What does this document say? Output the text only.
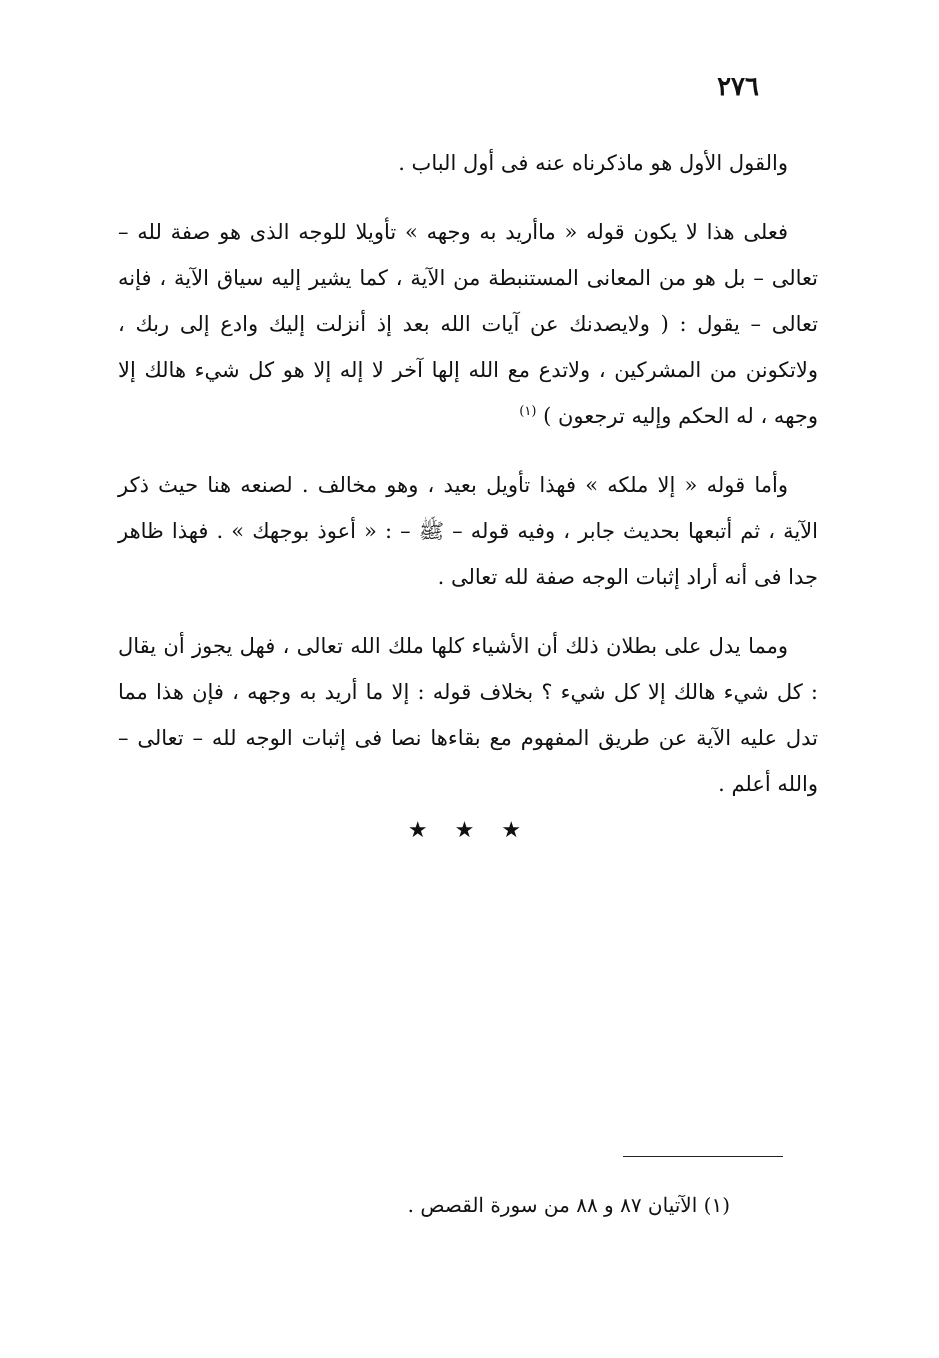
٢٧٦

والقول الأول هو ماذكرناه عنه فى أول الباب .

فعلى هذا لا يكون قوله « ماأريد به وجهه » تأويلا للوجه الذى هو صفة لله – تعالى – بل هو من المعانى المستنبطة من الآية ، كما يشير إليه سياق الآية ، فإنه تعالى – يقول : ( ولايصدنك عن آيات الله بعد إذ أنزلت إليك وادع إلى ربك ، ولاتكونن من المشركين ، ولاتدع مع الله إلها آخر لا إله إلا هو كل شيء هالك إلا وجهه ، له الحكم وإليه ترجعون ) $^{(١)}$

وأما قوله « إلا ملكه » فهذا تأويل بعيد ، وهو مخالف . لصنعه هنا حيث ذكر الآية ، ثم أتبعها بحديث جابر ، وفيه قوله – ﷺ – : « أعوذ بوجهك » . فهذا ظاهر جدا فى أنه أراد إثبات الوجه صفة لله تعالى .

ومما يدل على بطلان ذلك أن الأشياء كلها ملك الله تعالى ، فهل يجوز أن يقال : كل شيء هالك إلا كل شيء ؟ بخلاف قوله : إلا ما أريد به وجهه ، فإن هذا مما تدل عليه الآية عن طريق المفهوم مع بقاءها نصا فى إثبات الوجه لله – تعالى – والله أعلم .

★ ★ ★
(١) الآتيان ٨٧ و ٨٨ من سورة القصص .
